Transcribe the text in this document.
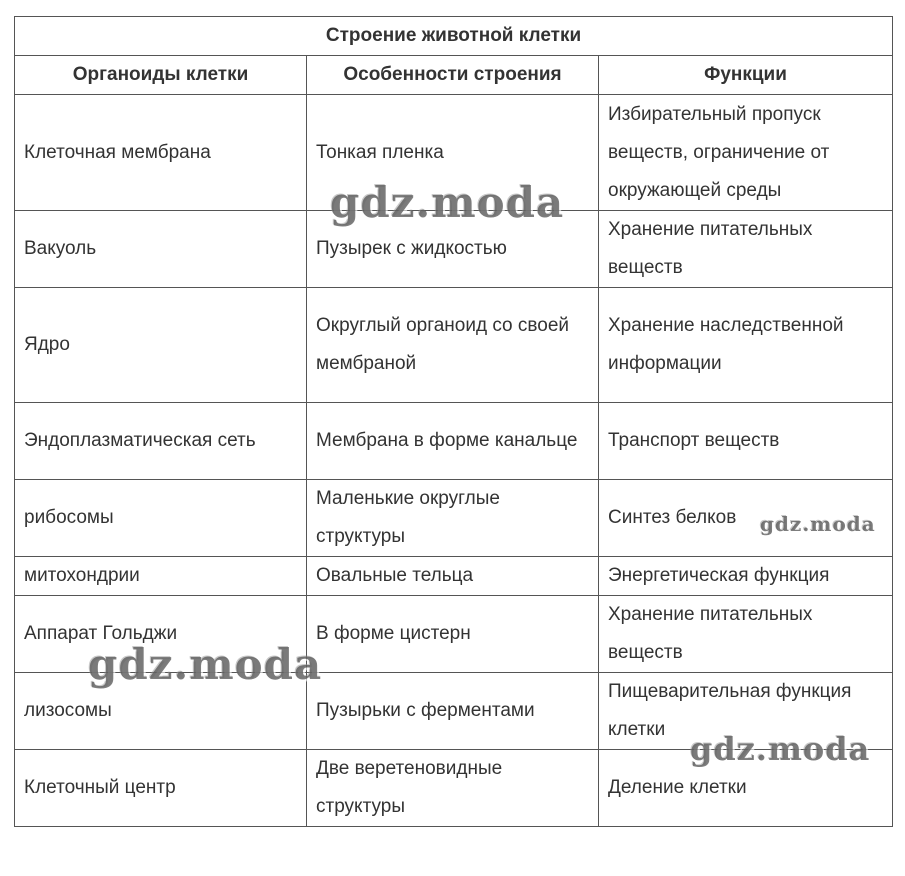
Строение животной клетки		
Органоиды клетки	Особенности строения	Функции
Клеточная мембрана	Тонкая пленка	Избирательный пропуск веществ, ограничение от окружающей среды
Вакуоль	Пузырек с жидкостью	Хранение питательных веществ
Ядро	Округлый органоид со своей мембраной	Хранение наследственной информации
Эндоплазматическая сеть	Мембрана в форме канальце	Транспорт веществ
рибосомы	Маленькие округлые структуры	Синтез белков
митохондрии	Овальные тельца	Энергетическая функция
Аппарат Гольджи	В форме цистерн	Хранение питательных веществ
лизосомы	Пузырьки с ферментами	Пищеварительная функция клетки
Клеточный центр	Две веретеновидные структуры	Деление клетки
gdz.moda
gdz.moda
gdz.moda
gdz.moda
